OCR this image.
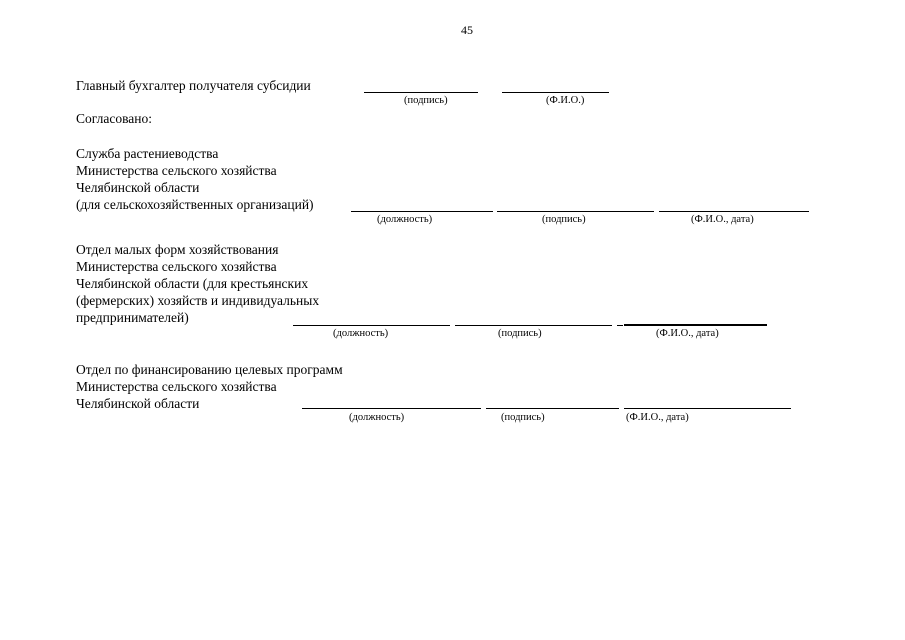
45
Главный бухгалтер получателя субсидии
(подпись)	(Ф.И.О.)
Согласовано:
Служба растениеводства
Министерства сельского хозяйства
Челябинской области
(для сельскохозяйственных организаций)
(должность)	(подпись)	(Ф.И.О., дата)
Отдел малых форм хозяйствования
Министерства сельского хозяйства
Челябинской области (для крестьянских
(фермерских) хозяйств и индивидуальных
предпринимателей)
(должность)	(подпись)	(Ф.И.О., дата)
Отдел по финансированию целевых программ
Министерства сельского хозяйства
Челябинской области
(должность)	(подпись)	(Ф.И.О., дата)
